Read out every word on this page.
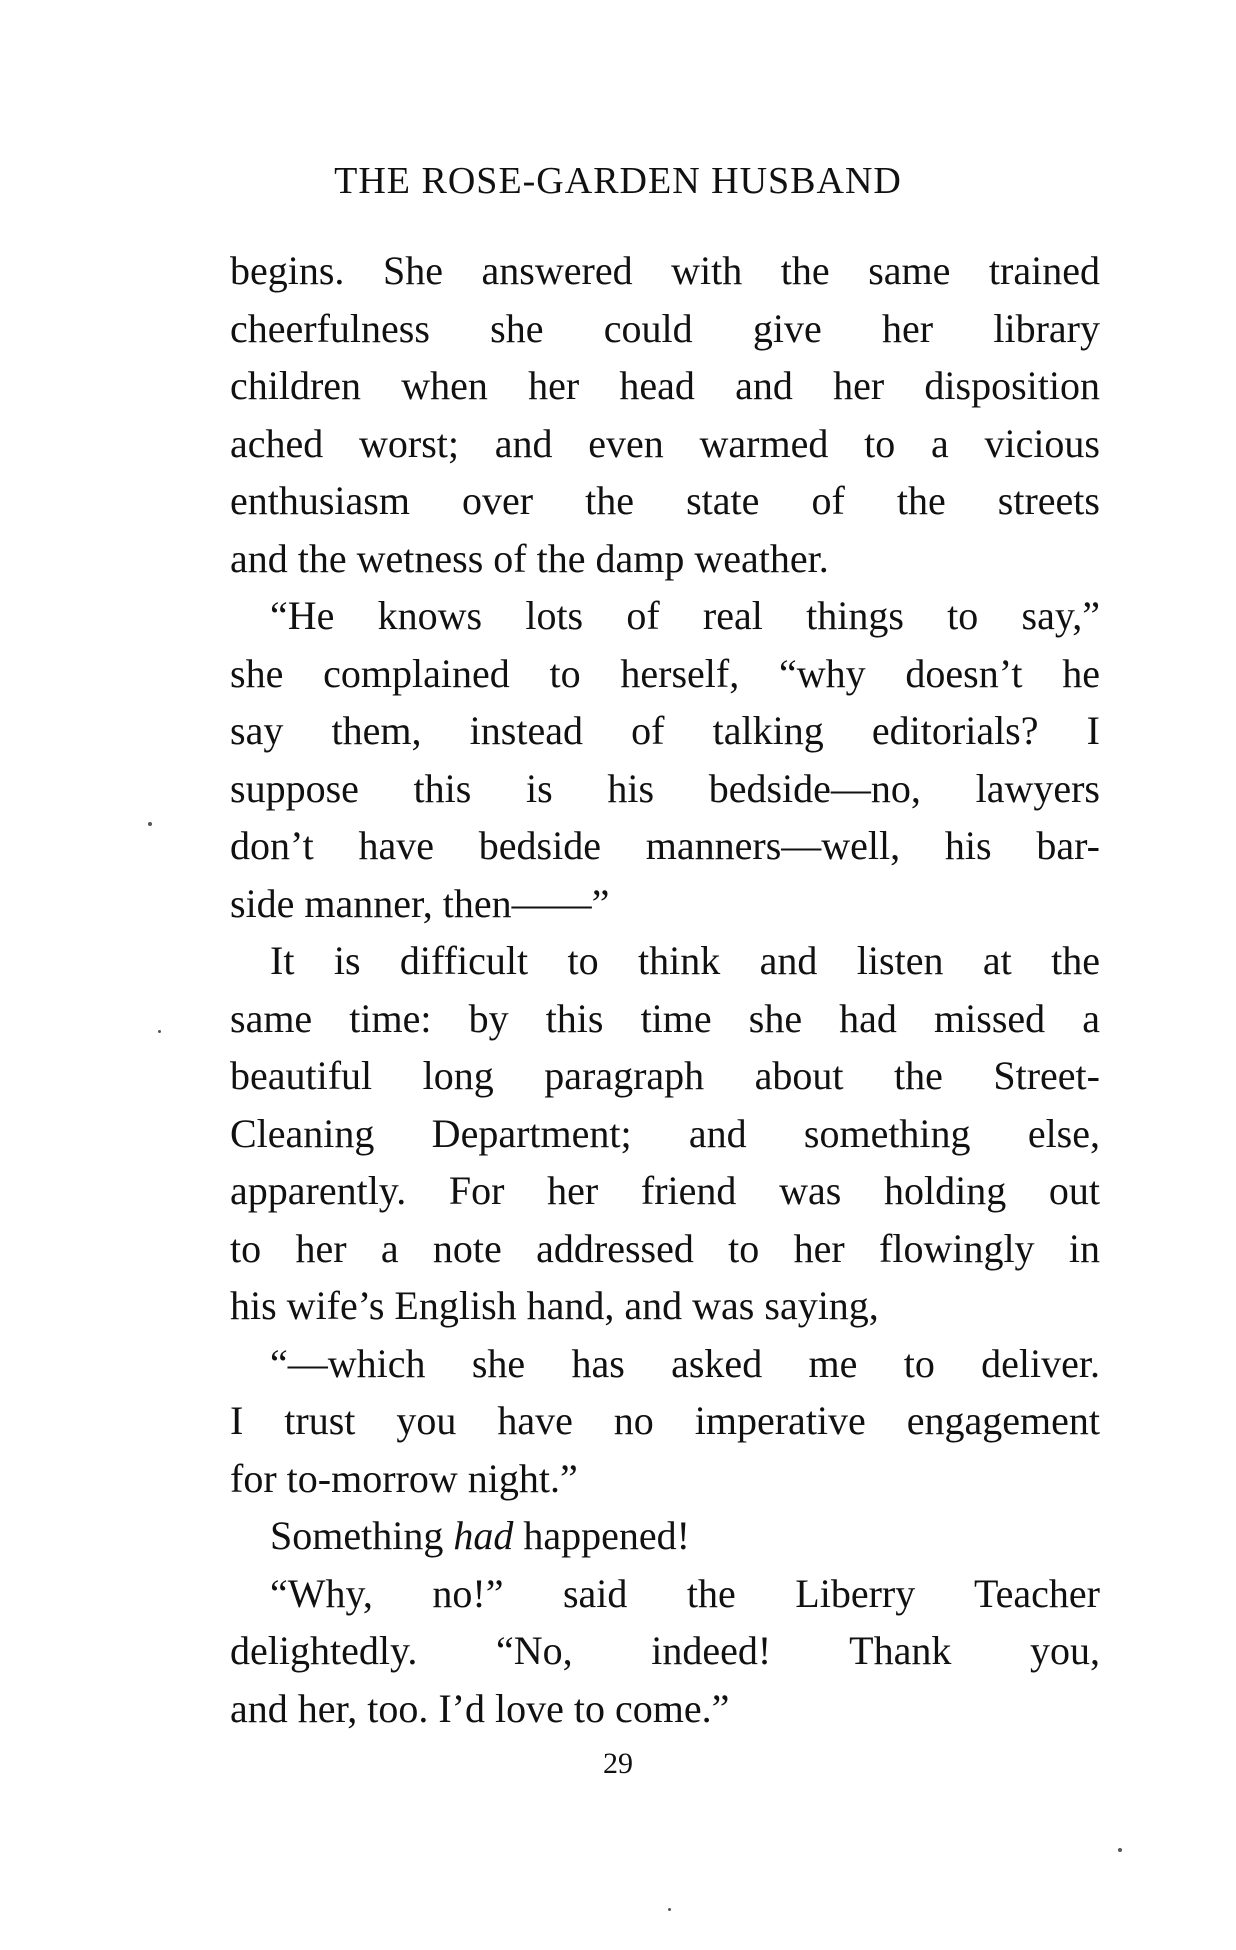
THE ROSE-GARDEN HUSBAND
begins. She answered with the same trained
cheerfulness she could give her library
children when her head and her disposition
ached worst; and even warmed to a vicious
enthusiasm over the state of the streets
and the wetness of the damp weather.
“He knows lots of real things to say,”
she complained to herself, “why doesn’t he
say them, instead of talking editorials? I
suppose this is his bedside—no, lawyers
don’t have bedside manners—well, his bar-
side manner, then——”
It is difficult to think and listen at the
same time: by this time she had missed a
beautiful long paragraph about the Street-
Cleaning Department; and something else,
apparently. For her friend was holding out
to her a note addressed to her flowingly in
his wife’s English hand, and was saying,
“—which she has asked me to deliver.
I trust you have no imperative engagement
for to-morrow night.”
Something had happened!
“Why, no!” said the Liberry Teacher
delightedly. “No, indeed! Thank you,
and her, too. I’d love to come.”
29
